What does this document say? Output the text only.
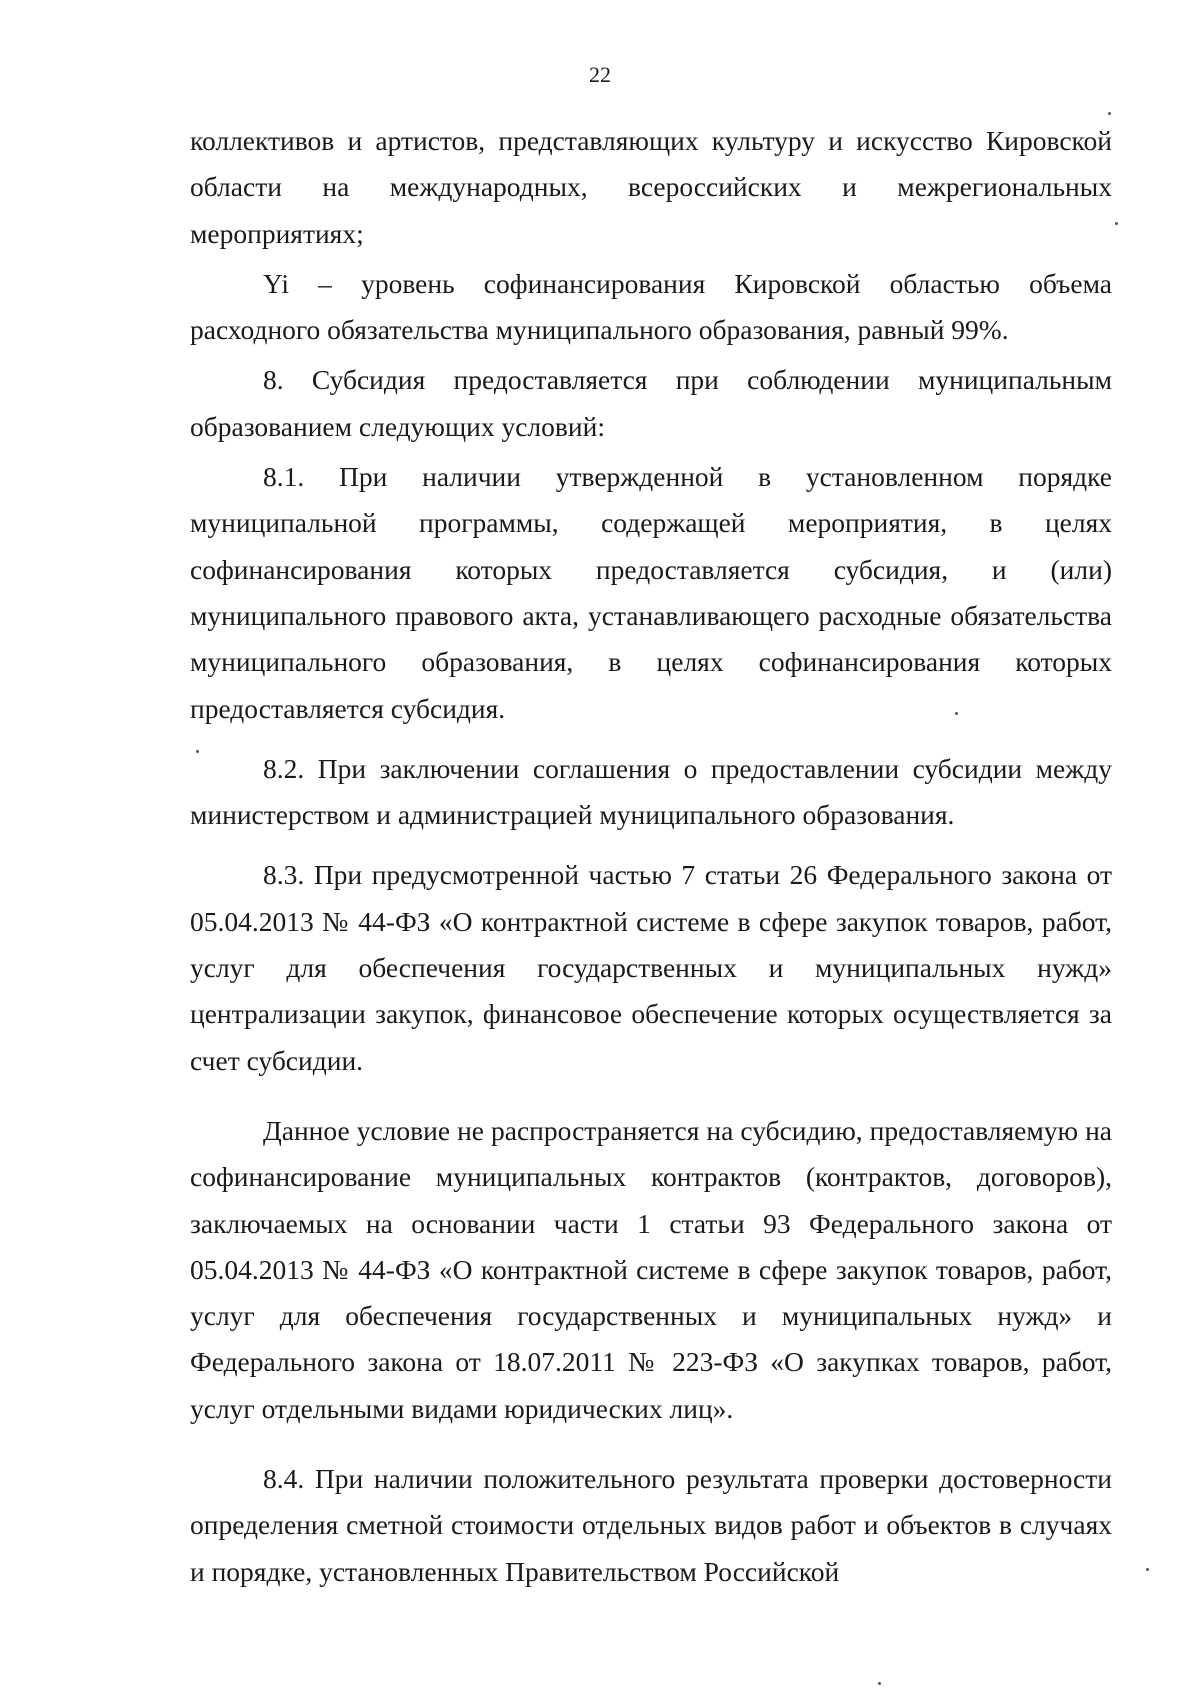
22

коллективов и артистов, представляющих культуру и искусство Кировской области на международных, всероссийских и межрегиональных мероприятиях;

Yi – уровень софинансирования Кировской областью объема расходного обязательства муниципального образования, равный 99%.

8. Субсидия предоставляется при соблюдении муниципальным образованием следующих условий:

8.1. При наличии утвержденной в установленном порядке муниципальной программы, содержащей мероприятия, в целях софинансирования которых предоставляется субсидия, и (или) муниципального правового акта, устанавливающего расходные обязательства муниципального образования, в целях софинансирования которых предоставляется субсидия.

8.2. При заключении соглашения о предоставлении субсидии между министерством и администрацией муниципального образования.

8.3. При предусмотренной частью 7 статьи 26 Федерального закона от 05.04.2013 № 44-ФЗ «О контрактной системе в сфере закупок товаров, работ, услуг для обеспечения государственных и муниципальных нужд» централизации закупок, финансовое обеспечение которых осуществляется за счет субсидии.

Данное условие не распространяется на субсидию, предоставляемую на софинансирование муниципальных контрактов (контрактов, договоров), заключаемых на основании части 1 статьи 93 Федерального закона от 05.04.2013 № 44-ФЗ «О контрактной системе в сфере закупок товаров, работ, услуг для обеспечения государственных и муниципальных нужд» и Федерального закона от 18.07.2011 № 223-ФЗ «О закупках товаров, работ, услуг отдельными видами юридических лиц».

8.4. При наличии положительного результата проверки достоверности определения сметной стоимости отдельных видов работ и объектов в случаях и порядке, установленных Правительством Российской
